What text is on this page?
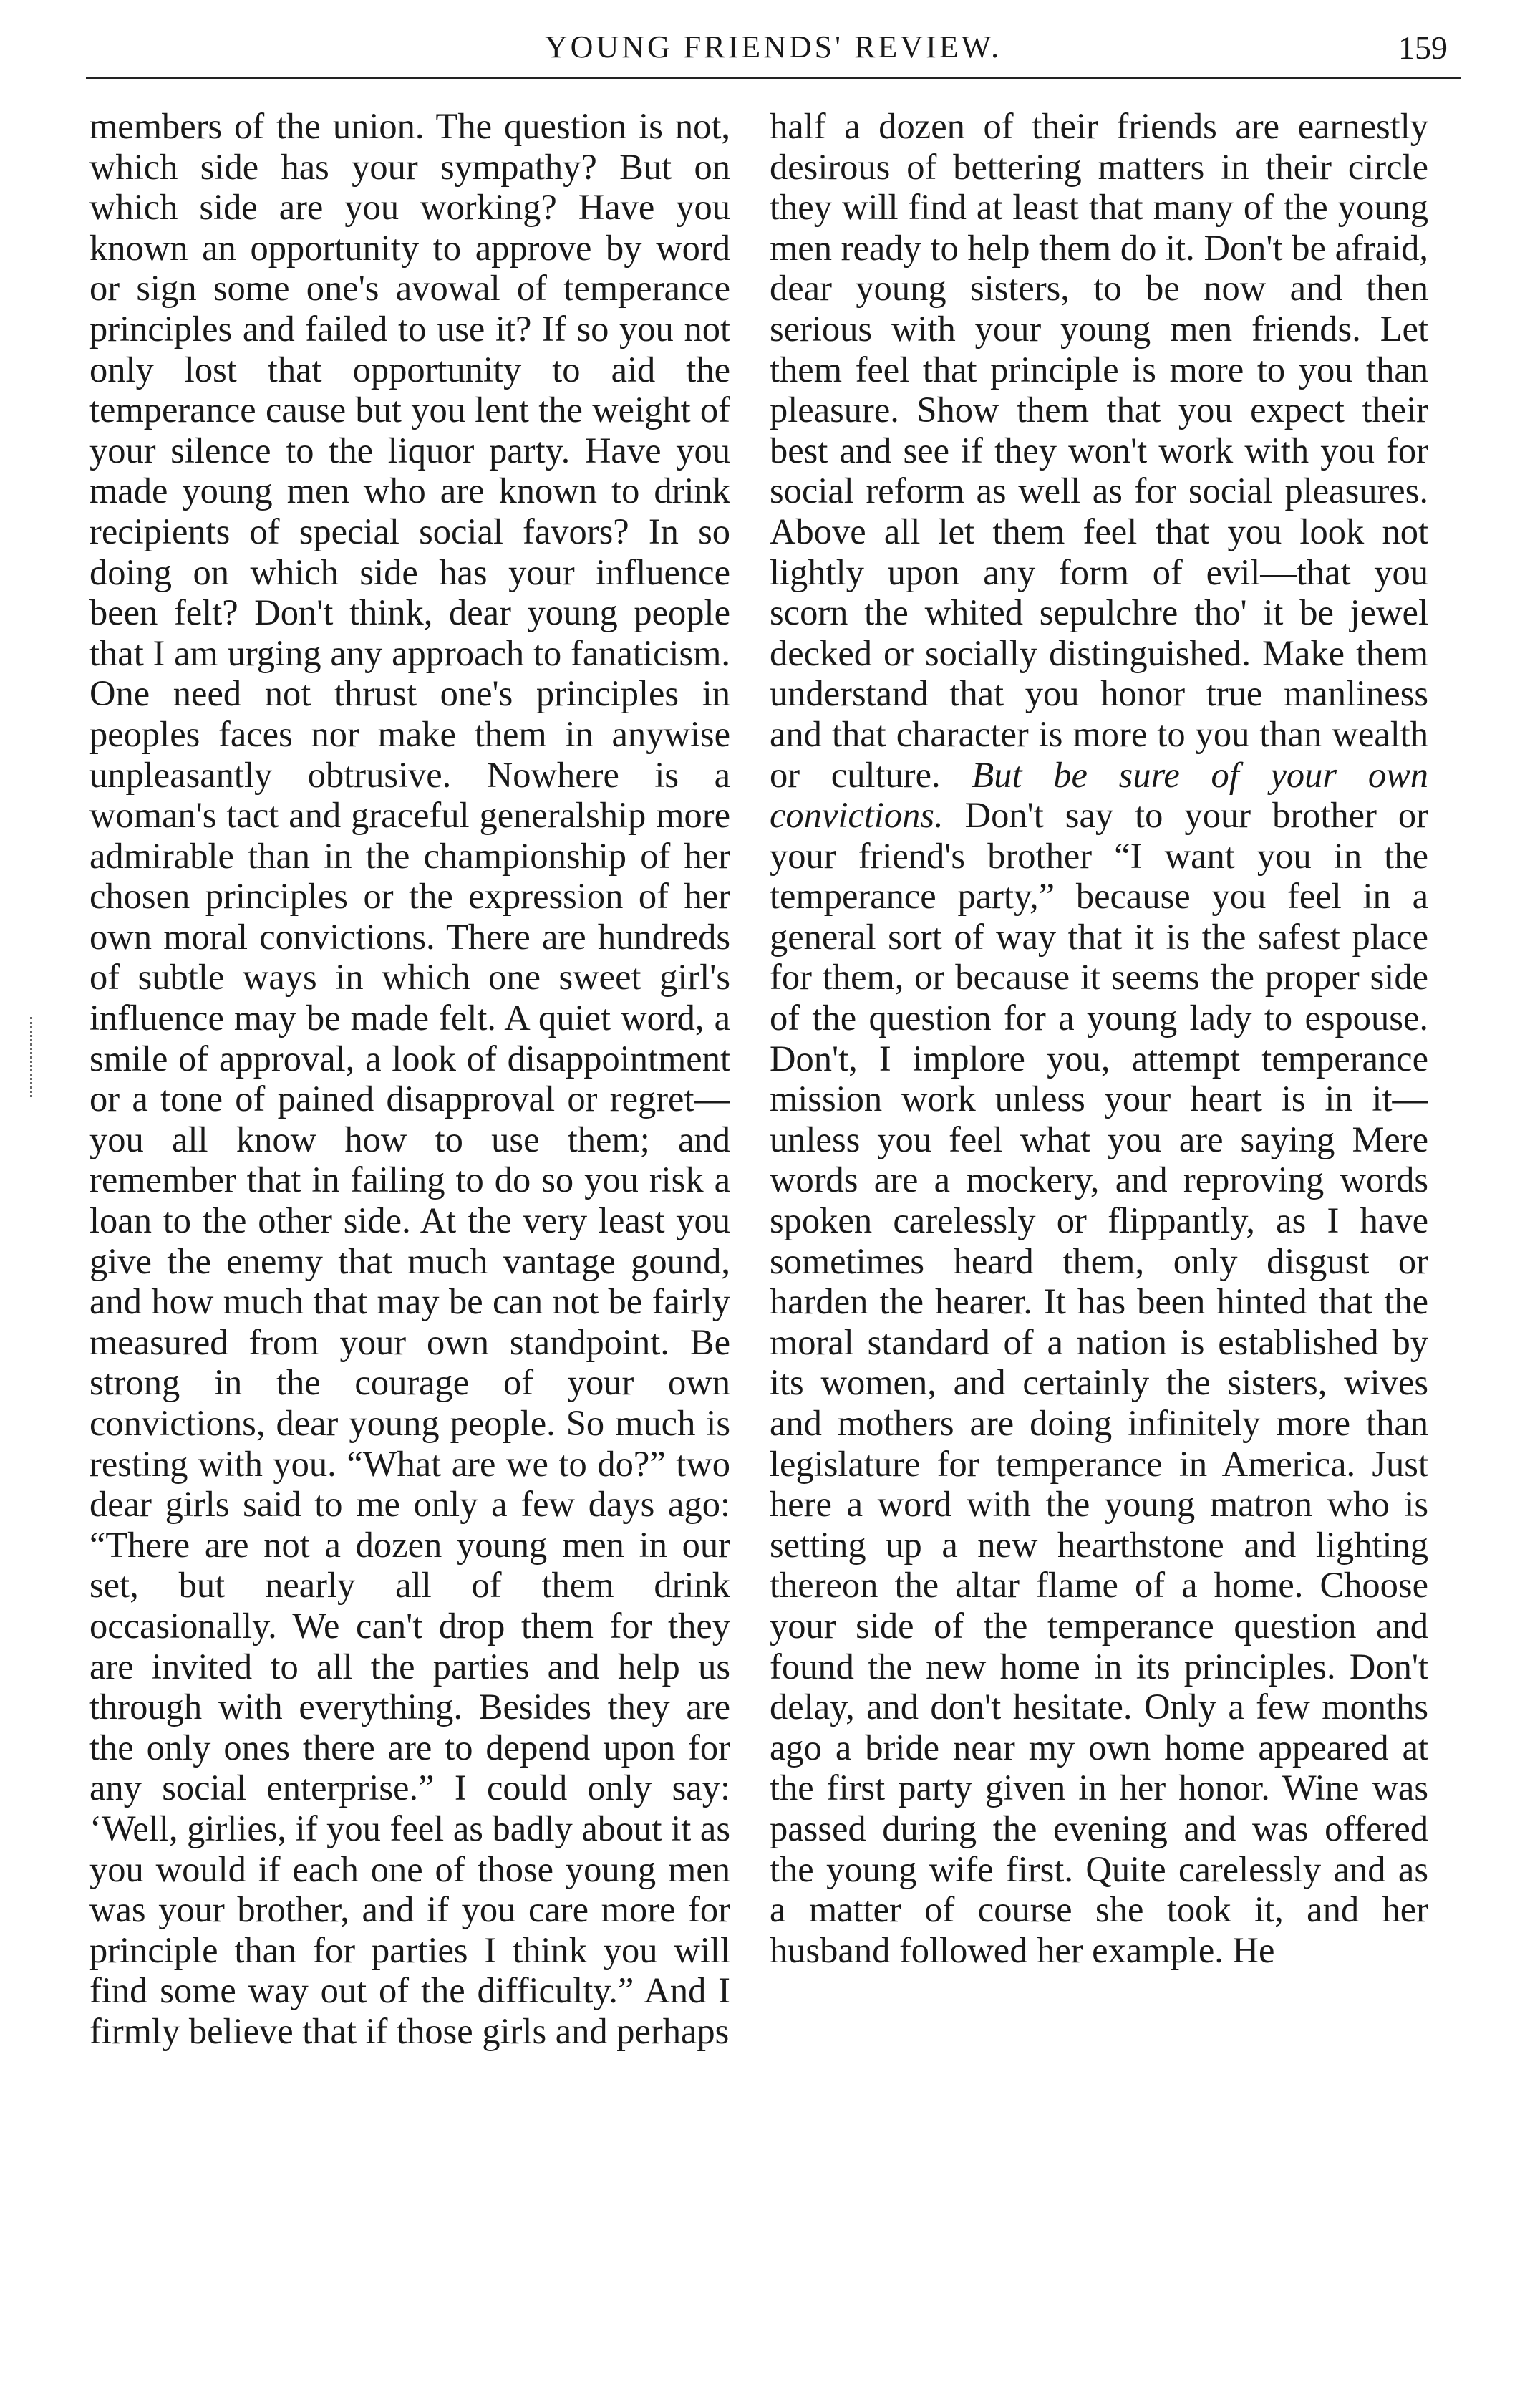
YOUNG FRIENDS' REVIEW.	159

members of the union. The question is not, which side has your sympathy? But on which side are you working? Have you known an opportunity to approve by word or sign some one's avowal of temperance principles and failed to use it? If so you not only lost that opportunity to aid the temperance cause but you lent the weight of your silence to the liquor party. Have you made young men who are known to drink recipients of special social favors? In so doing on which side has your influence been felt? Don't think, dear young people that I am urging any approach to fanaticism. One need not thrust one's principles in peoples faces nor make them in anywise unpleasantly obtrusive. Nowhere is a woman's tact and graceful generalship more admirable than in the championship of her chosen principles or the expression of her own moral convictions. There are hundreds of subtle ways in which one sweet girl's influence may be made felt. A quiet word, a smile of approval, a look of disappointment or a tone of pained disapproval or regret—you all know how to use them; and remember that in failing to do so you risk a loan to the other side. At the very least you give the enemy that much vantage gound, and how much that may be can not be fairly measured from your own standpoint. Be strong in the courage of your own convictions, dear young people. So much is resting with you. “What are we to do?” two dear girls said to me only a few days ago: “There are not a dozen young men in our set, but nearly all of them drink occasionally. We can't drop them for they are invited to all the parties and help us through with everything. Besides they are the only ones there are to depend upon for any social enterprise.” I could only say: ‘Well, girlies, if you feel as badly about it as you would if each one of those young men was your brother, and if you care more for principle than for parties I think you will find some way out of the difficulty.” And I firmly believe that if those girls and perhaps

half a dozen of their friends are earnestly desirous of bettering matters in their circle they will find at least that many of the young men ready to help them do it. Don't be afraid, dear young sisters, to be now and then serious with your young men friends. Let them feel that principle is more to you than pleasure. Show them that you expect their best and see if they won't work with you for social reform as well as for social pleasures. Above all let them feel that you look not lightly upon any form of evil—that you scorn the whited sepulchre tho' it be jewel decked or socially distinguished. Make them understand that you honor true manliness and that character is more to you than wealth or culture. But be sure of your own convictions. Don't say to your brother or your friend's brother “I want you in the temperance party,” because you feel in a general sort of way that it is the safest place for them, or because it seems the proper side of the question for a young lady to espouse. Don't, I implore you, attempt temperance mission work unless your heart is in it—unless you feel what you are saying Mere words are a mockery, and reproving words spoken carelessly or flippantly, as I have sometimes heard them, only disgust or harden the hearer. It has been hinted that the moral standard of a nation is established by its women, and certainly the sisters, wives and mothers are doing infinitely more than legislature for temperance in America. Just here a word with the young matron who is setting up a new hearthstone and lighting thereon the altar flame of a home. Choose your side of the temperance question and found the new home in its principles. Don't delay, and don't hesitate. Only a few months ago a bride near my own home appeared at the first party given in her honor. Wine was passed during the evening and was offered the young wife first. Quite carelessly and as a matter of course she took it, and her husband followed her example. He
